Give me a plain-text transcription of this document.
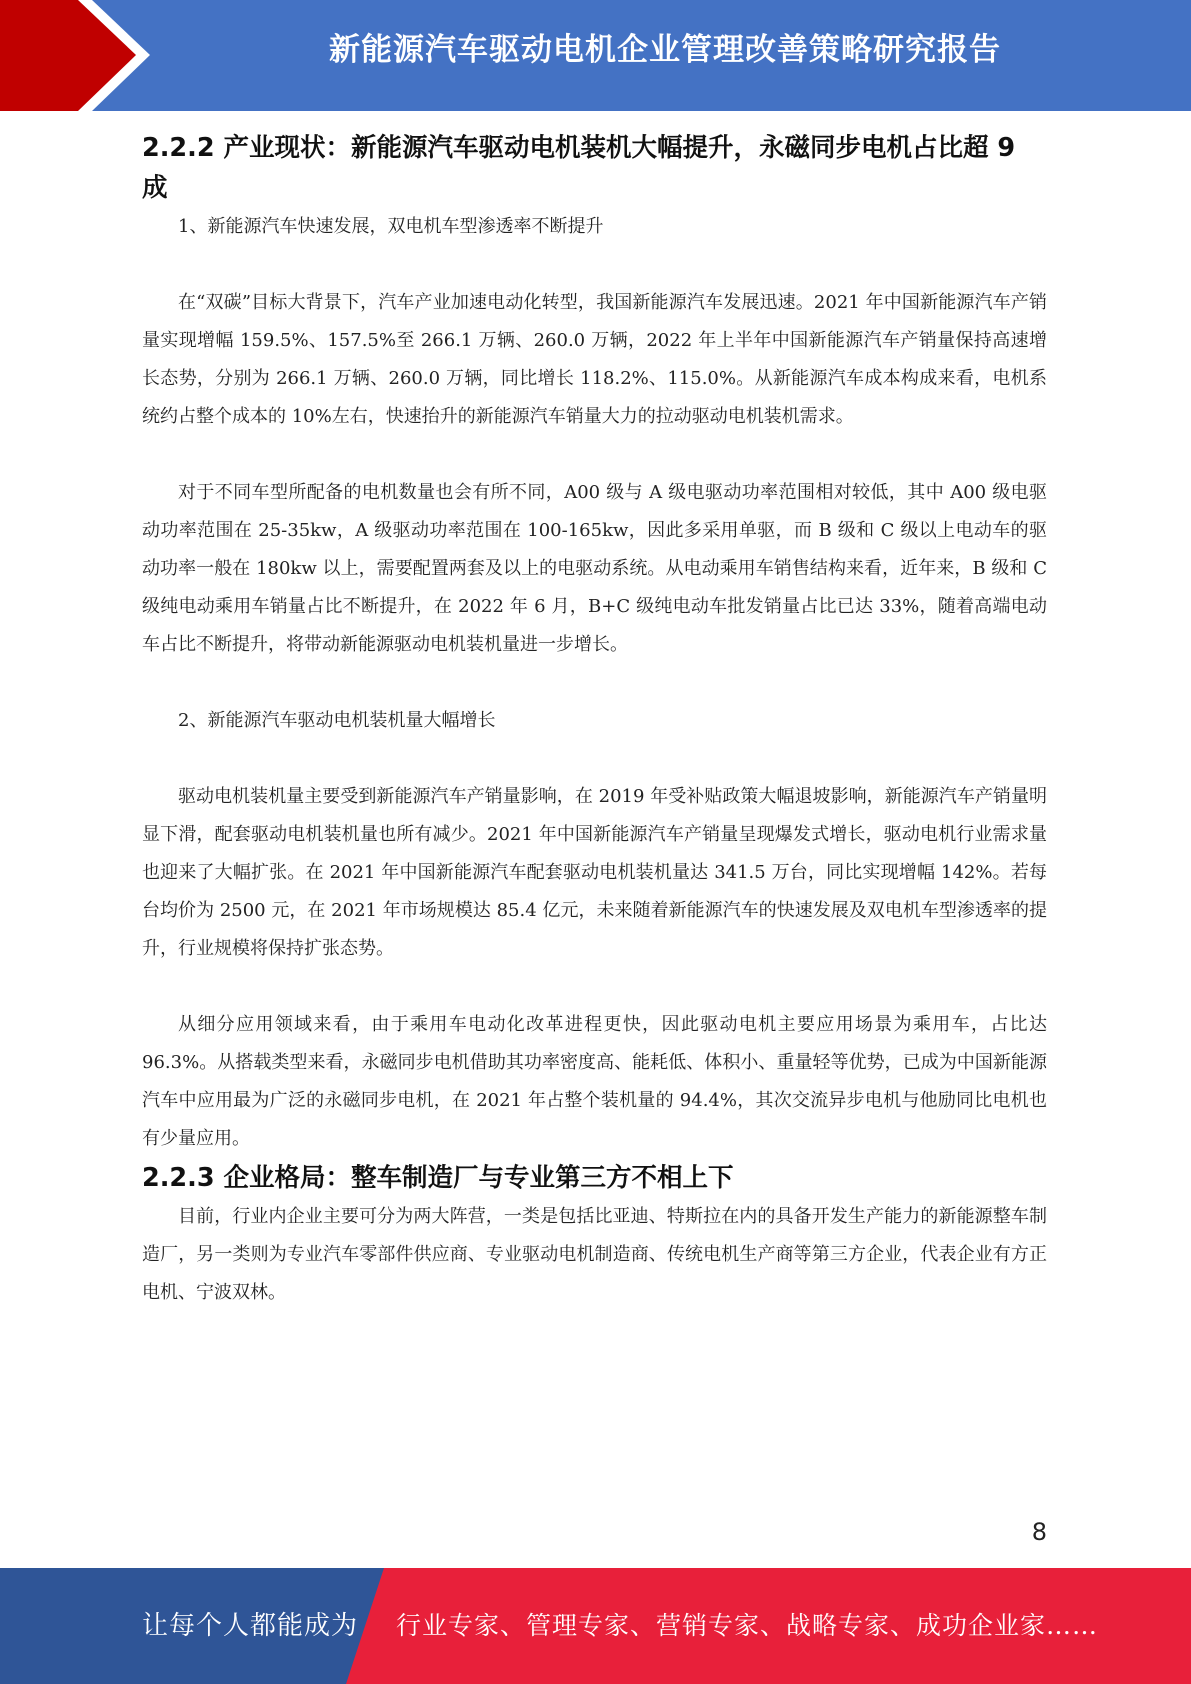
新能源汽车驱动电机企业管理改善策略研究报告
2.2.2 产业现状：新能源汽车驱动电机装机大幅提升，永磁同步电机占比超 9 成

1、新能源汽车快速发展，双电机车型渗透率不断提升

在“双碳”目标大背景下，汽车产业加速电动化转型，我国新能源汽车发展迅速。2021 年中国新能源汽车产销量实现增幅 159.5%、157.5%至 266.1 万辆、260.0 万辆，2022 年上半年中国新能源汽车产销量保持高速增长态势，分别为 266.1 万辆、260.0 万辆，同比增长 118.2%、115.0%。从新能源汽车成本构成来看，电机系统约占整个成本的 10%左右，快速抬升的新能源汽车销量大力的拉动驱动电机装机需求。

对于不同车型所配备的电机数量也会有所不同，A00 级与 A 级电驱动功率范围相对较低，其中 A00 级电驱动功率范围在 25-35kw，A 级驱动功率范围在 100-165kw，因此多采用单驱，而 B 级和 C 级以上电动车的驱动功率一般在 180kw 以上，需要配置两套及以上的电驱动系统。从电动乘用车销售结构来看，近年来，B 级和 C 级纯电动乘用车销量占比不断提升，在 2022 年 6 月，B+C 级纯电动车批发销量占比已达 33%，随着高端电动车占比不断提升，将带动新能源驱动电机装机量进一步增长。

2、新能源汽车驱动电机装机量大幅增长

驱动电机装机量主要受到新能源汽车产销量影响，在 2019 年受补贴政策大幅退坡影响，新能源汽车产销量明显下滑，配套驱动电机装机量也所有减少。2021 年中国新能源汽车产销量呈现爆发式增长，驱动电机行业需求量也迎来了大幅扩张。在 2021 年中国新能源汽车配套驱动电机装机量达 341.5 万台，同比实现增幅 142%。若每台均价为 2500 元，在 2021 年市场规模达 85.4 亿元，未来随着新能源汽车的快速发展及双电机车型渗透率的提升，行业规模将保持扩张态势。

从细分应用领域来看，由于乘用车电动化改革进程更快，因此驱动电机主要应用场景为乘用车，占比达 96.3%。从搭载类型来看，永磁同步电机借助其功率密度高、能耗低、体积小、重量轻等优势，已成为中国新能源汽车中应用最为广泛的永磁同步电机，在 2021 年占整个装机量的 94.4%，其次交流异步电机与他励同比电机也有少量应用。

2.2.3 企业格局：整车制造厂与专业第三方不相上下

目前，行业内企业主要可分为两大阵营，一类是包括比亚迪、特斯拉在内的具备开发生产能力的新能源整车制造厂，另一类则为专业汽车零部件供应商、专业驱动电机制造商、传统电机生产商等第三方企业，代表企业有方正电机、宁波双林。

8
让每个人都能成为 行业专家、管理专家、营销专家、战略专家、成功企业家……
